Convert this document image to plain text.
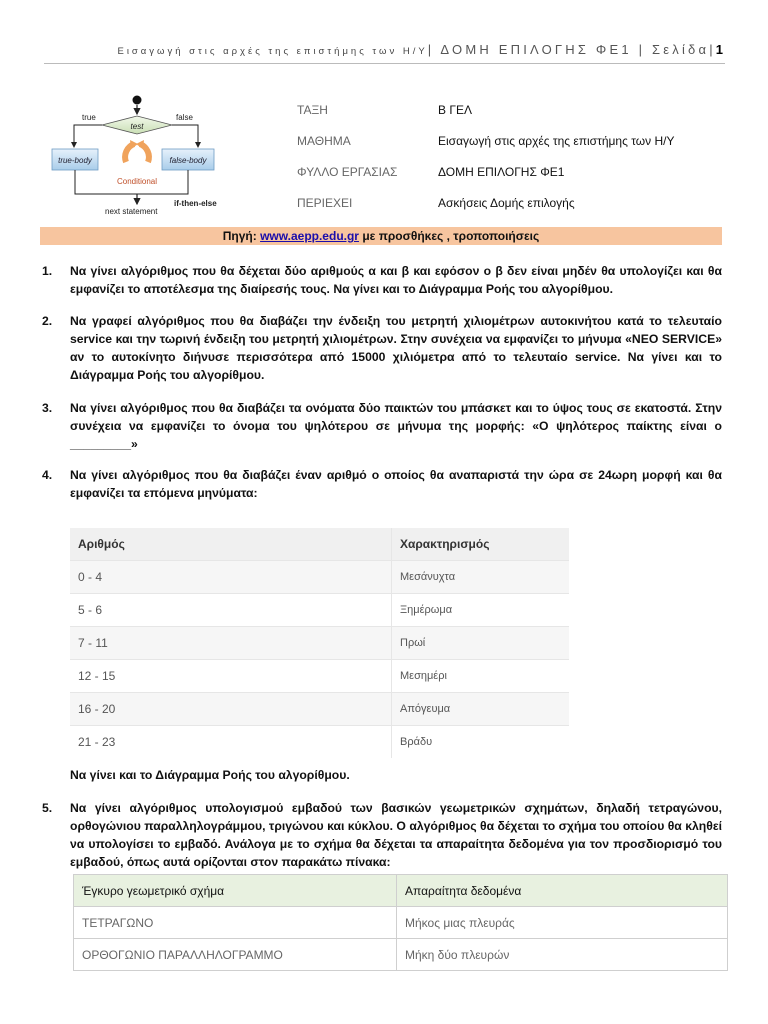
Εισαγωγή στις αρχές της επιστήμης των Η/Υ| ΔΟΜΗ ΕΠΙΛΟΓΗΣ ΦΕ1 | Σελίδα|1
test
true	false
true-body	false-body
Conditional
next statement
if-then-else
ΤΑΞΗ	Β ΓΕΛ
ΜΑΘΗΜΑ	Εισαγωγή στις αρχές της επιστήμης των Η/Υ
ΦΥΛΛΟ ΕΡΓΑΣΙΑΣ	ΔΟΜΗ ΕΠΙΛΟΓΗΣ ΦΕ1
ΠΕΡΙΕΧΕΙ	Ασκήσεις Δομής επιλογής
Πηγή: www.aepp.edu.gr με προσθήκες , τροποποιήσεις
1.	Να γίνει αλγόριθμος που θα δέχεται δύο αριθμούς α και β και εφόσον ο β δεν είναι μηδέν θα υπολογίζει και θα εμφανίζει το αποτέλεσμα της διαίρεσής τους. Να γίνει και το Διάγραμμα Ροής του αλγορίθμου.
2.	Να γραφεί αλγόριθμος που θα διαβάζει την ένδειξη του μετρητή χιλιομέτρων αυτοκινήτου κατά το τελευταίο service και την τωρινή ένδειξη του μετρητή χιλιομέτρων. Στην συνέχεια να εμφανίζει το μήνυμα «NEO SERVICE» αν το αυτοκίνητο διήνυσε περισσότερα από 15000 χιλιόμετρα από το τελευταίο service. Να γίνει και το Διάγραμμα Ροής του αλγορίθμου.
3.	Να γίνει αλγόριθμος που θα διαβάζει τα ονόματα δύο παικτών του μπάσκετ και το ύψος τους σε εκατοστά. Στην συνέχεια να εμφανίζει το όνομα του ψηλότερου σε μήνυμα της μορφής: «Ο ψηλότερος παίκτης είναι ο _________»
4.	Να γίνει αλγόριθμος που θα διαβάζει έναν αριθμό ο οποίος θα αναπαριστά την ώρα σε 24ωρη μορφή και θα εμφανίζει τα επόμενα μηνύματα:
Αριθμός	Χαρακτηρισμός
0 - 4	Μεσάνυχτα
5 - 6	Ξημέρωμα
7 - 11	Πρωί
12 - 15	Μεσημέρι
16 - 20	Απόγευμα
21 - 23	Βράδυ
Να γίνει και το Διάγραμμα Ροής του αλγορίθμου.
5.	Να γίνει αλγόριθμος υπολογισμού εμβαδού των βασικών γεωμετρικών σχημάτων, δηλαδή τετραγώνου, ορθογώνιου παραλληλογράμμου, τριγώνου και κύκλου. Ο αλγόριθμος θα δέχεται το σχήμα του οποίου θα κληθεί να υπολογίσει το εμβαδό. Ανάλογα με το σχήμα θα δέχεται τα απαραίτητα δεδομένα για τον προσδιορισμό του εμβαδού, όπως αυτά ορίζονται στον παρακάτω πίνακα:
Έγκυρο γεωμετρικό σχήμα	Απαραίτητα δεδομένα
ΤΕΤΡΑΓΩΝΟ	Μήκος μιας πλευράς
ΟΡΘΟΓΩΝΙΟ ΠΑΡΑΛΛΗΛΟΓΡΑΜΜΟ	Μήκη δύο πλευρών
